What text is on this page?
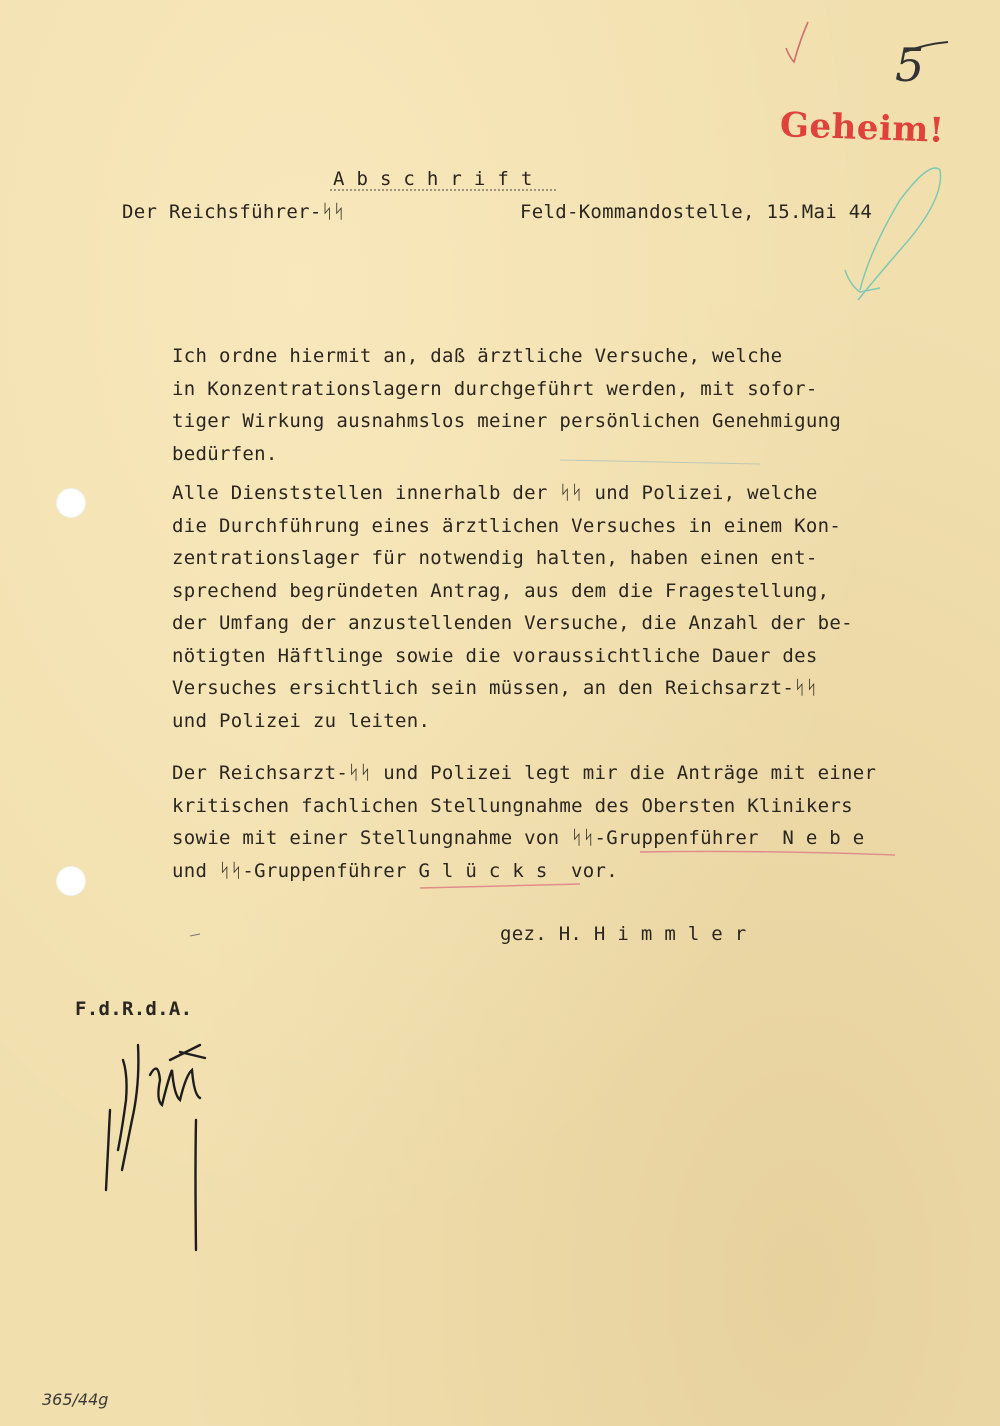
Geheim!
A b s c h r i f t
Der Reichsführer-ᛋᛋ	Feld-Kommandostelle, 15.Mai 44
Ich ordne hiermit an, daß ärztliche Versuche, welche
in Konzentrationslagern durchgeführt werden, mit sofor-
tiger Wirkung ausnahmslos meiner persönlichen Genehmigung
bedürfen.
Alle Dienststellen innerhalb der ᛋᛋ und Polizei, welche
die Durchführung eines ärztlichen Versuches in einem Kon-
zentrationslager für notwendig halten, haben einen ent-
sprechend begründeten Antrag, aus dem die Fragestellung,
der Umfang der anzustellenden Versuche, die Anzahl der be-
nötigten Häftlinge sowie die voraussichtliche Dauer des
Versuches ersichtlich sein müssen, an den Reichsarzt-ᛋᛋ
und Polizei zu leiten.
Der Reichsarzt-ᛋᛋ und Polizei legt mir die Anträge mit einer
kritischen fachlichen Stellungnahme des Obersten Klinikers
sowie mit einer Stellungnahme von ᛋᛋ-Gruppenführer  N e b e
und ᛋᛋ-Gruppenführer G l ü c k s  vor.
gez. H. H i m m l e r
F.d.R.d.A.
5
365/44g
